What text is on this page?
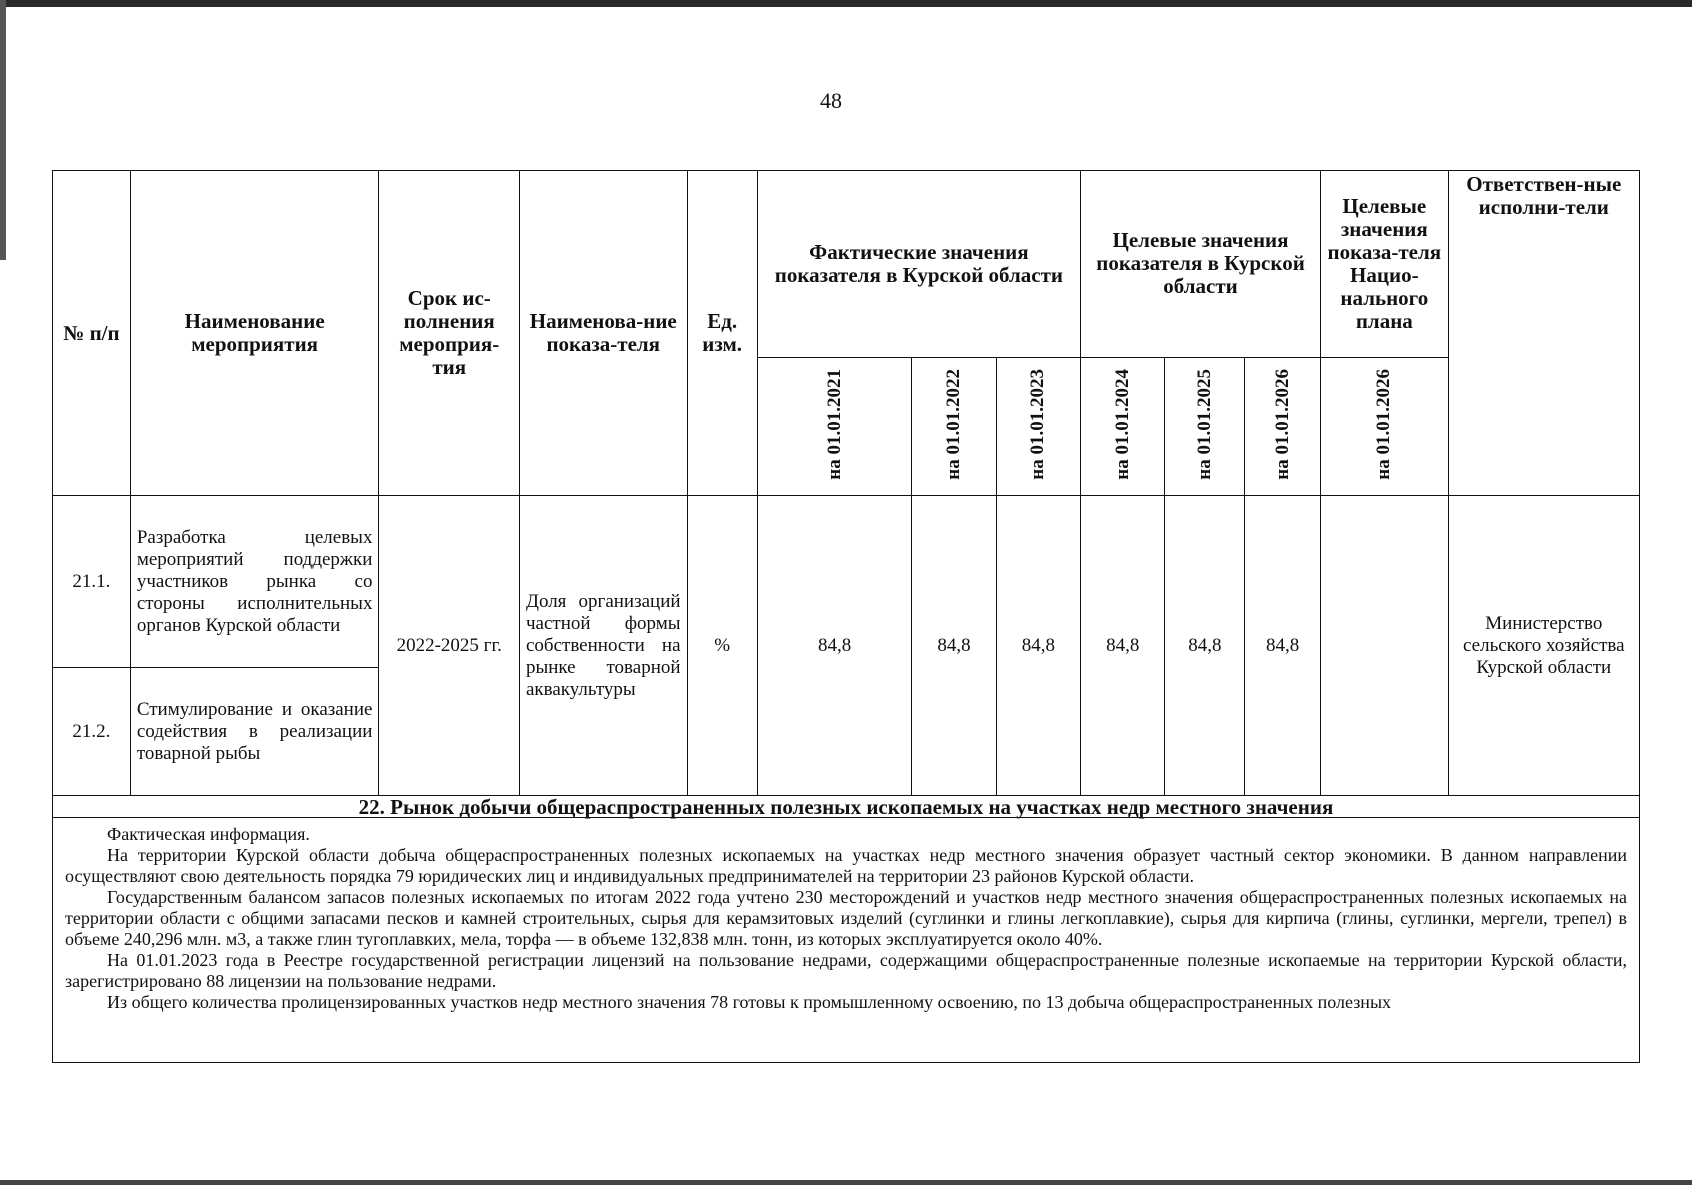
48
№ п/п	Наименование мероприятия	Срок ис-полнения мероприя-тия	Наименова-ние показа-теля	Ед. изм.	Фактические значения показателя в Курской области			Целевые значения показателя в Курской области			Целевые значения показа-теля Нацио-нального плана	Ответствен-ные исполни-тели
					на 01.01.2021	на 01.01.2022	на 01.01.2023	на 01.01.2024	на 01.01.2025	на 01.01.2026	на 01.01.2026	
21.1.	Разработка целевых мероприятий поддержки участников рынка со стороны исполнительных органов Курской области	2022-2025 гг.	Доля организаций частной формы собственности на рынке товарной аквакультуры	%	84,8	84,8	84,8	84,8	84,8	84,8		Министерство сельского хозяйства Курской области
21.2.	Стимулирование и оказание содействия в реализации товарной рыбы											
22. Рынок добычи общераспространенных полезных ископаемых на участках недр местного значения

Фактическая информация.

На территории Курской области добыча общераспространенных полезных ископаемых на участках недр местного значения образует частный сектор экономики. В данном направлении осуществляют свою деятельность порядка 79 юридических лиц и индивидуальных предпринимателей на территории 23 районов Курской области.

Государственным балансом запасов полезных ископаемых по итогам 2022 года учтено 230 месторождений и участков недр местного значения общераспространенных полезных ископаемых на территории области с общими запасами песков и камней строительных, сырья для керамзитовых изделий (суглинки и глины легкоплавкие), сырья для кирпича (глины, суглинки, мергели, трепел) в объеме 240,296 млн. м3, а также глин тугоплавких, мела, торфа — в объеме 132,838 млн. тонн, из которых эксплуатируется около 40%.

На 01.01.2023 года в Реестре государственной регистрации лицензий на пользование недрами, содержащими общераспространенные полезные ископаемые на территории Курской области, зарегистрировано 88 лицензии на пользование недрами.

Из общего количества пролицензированных участков недр местного значения 78 готовы к промышленному освоению, по 13 добыча общераспространенных полезных
